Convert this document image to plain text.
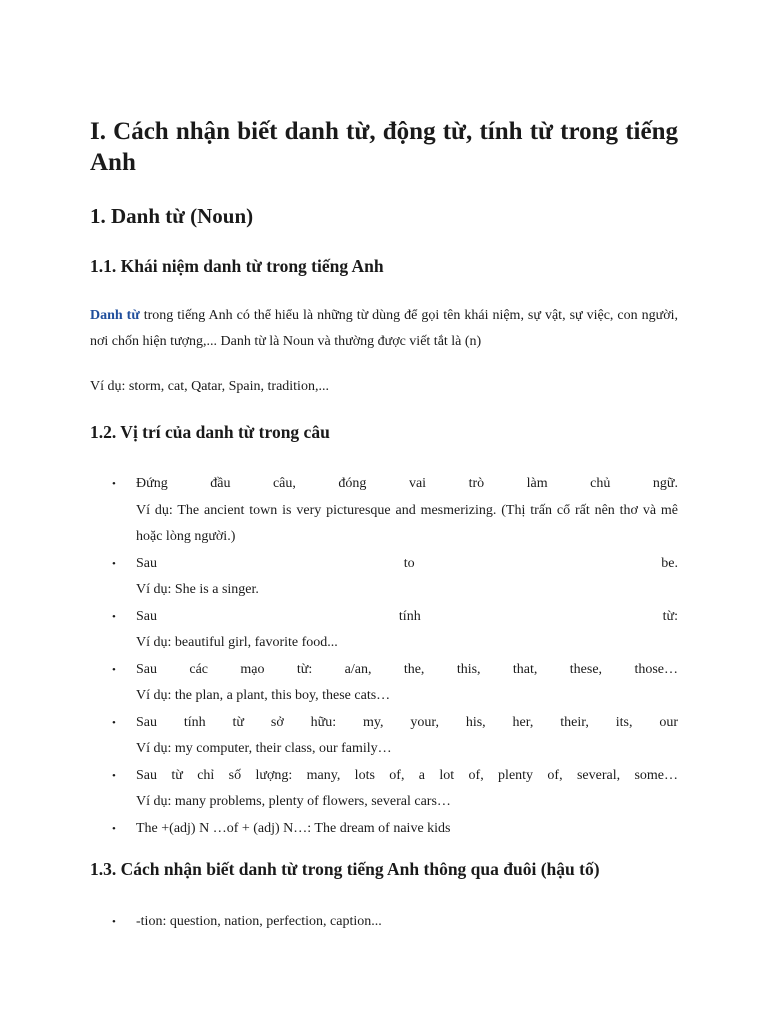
I. Cách nhận biết danh từ, động từ, tính từ trong tiếng Anh
1. Danh từ (Noun)
1.1. Khái niệm danh từ trong tiếng Anh

Danh từ trong tiếng Anh có thể hiểu là những từ dùng để gọi tên khái niệm, sự vật, sự việc, con người, nơi chốn hiện tượng,... Danh từ là Noun và thường được viết tắt là (n)

Ví dụ: storm, cat, Qatar, Spain, tradition,...

1.2. Vị trí của danh từ trong câu
• Đứng đầu câu, đóng vai trò làm chủ ngữ.
Ví dụ: The ancient town is very picturesque and mesmerizing. (Thị trấn cổ rất nên thơ và mê hoặc lòng người.)
• Sau to be.
Ví dụ: She is a singer.
• Sau tính từ:
Ví dụ: beautiful girl, favorite food...
• Sau các mạo từ: a/an, the, this, that, these, those…
Ví dụ: the plan, a plant, this boy, these cats…
• Sau tính từ sở hữu: my, your, his, her, their, its, our
Ví dụ: my computer, their class, our family…
• Sau từ chỉ số lượng: many, lots of, a lot of, plenty of, several, some…
Ví dụ: many problems, plenty of flowers, several cars…
• The +(adj) N …of + (adj) N…: The dream of naive kids
1.3. Cách nhận biết danh từ trong tiếng Anh thông qua đuôi (hậu tố)
• -tion: question, nation, perfection, caption...
